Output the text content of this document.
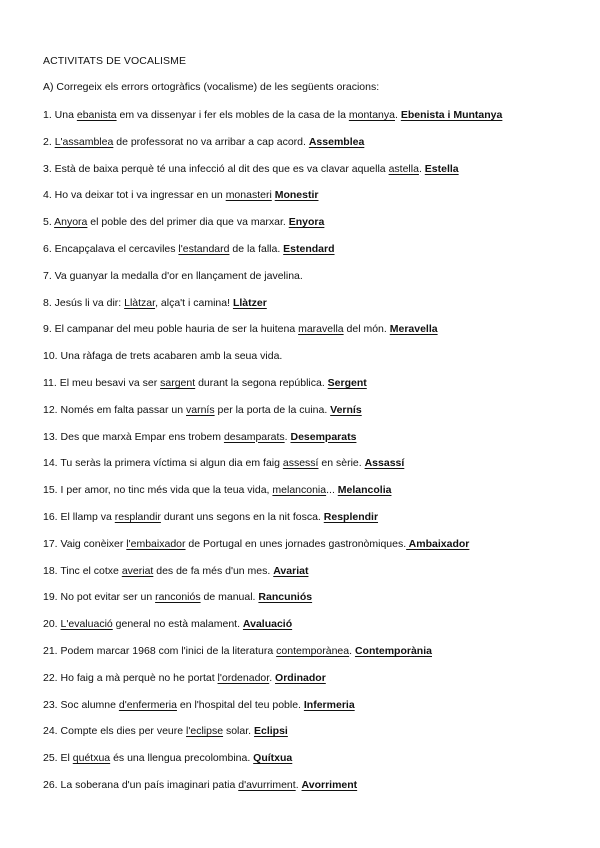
ACTIVITATS DE VOCALISME
A) Corregeix els errors ortogràfics (vocalisme) de les següents oracions:
1. Una ebanista em va dissenyar i fer els mobles de la casa de la montanya. Ebenista i Muntanya
2. L'assamblea de professorat no va arribar a cap acord. Assemblea
3. Està de baixa perquè té una infecció al dit des que es va clavar aquella astella. Estella
4. Ho va deixar tot i va ingressar en un monasteri Monestir
5. Anyora el poble des del primer dia que va marxar. Enyora
6. Encapçalava el cercaviles l'estandard de la falla. Estendard
7. Va guanyar la medalla d'or en llançament de javelina.
8. Jesús li va dir: Llàtzar, alça't i camina! Llàtzer
9. El campanar del meu poble hauria de ser la huitena maravella del món. Meravella
10. Una ràfaga de trets acabaren amb la seua vida.
11. El meu besavi va ser sargent durant la segona república. Sergent
12. Només em falta passar un varnís per la porta de la cuina. Vernís
13. Des que marxà Empar ens trobem desamparats. Desemparats
14. Tu seràs la primera víctima si algun dia em faig assessí en sèrie. Assassí
15. I per amor, no tinc més vida que la teua vida, melanconia... Melancolia
16. El llamp va resplandir durant uns segons en la nit fosca. Resplendir
17. Vaig conèixer l'embaixador de Portugal en unes jornades gastronòmiques. Ambaixador
18. Tinc el cotxe averiat des de fa més d'un mes. Avariat
19. No pot evitar ser un ranconiós de manual. Rancuniós
20. L'evaluació general no està malament. Avaluació
21. Podem marcar 1968 com l'inici de la literatura contemporànea. Contemporània
22. Ho faig a mà perquè no he portat l'ordenador. Ordinador
23. Soc alumne d'enfermeria en l'hospital del teu poble. Infermeria
24. Compte els dies per veure l'eclipse solar. Eclipsi
25. El quétxua és una llengua precolombina. Quítxua
26. La soberana d'un país imaginari patia d'avurriment. Avorriment
